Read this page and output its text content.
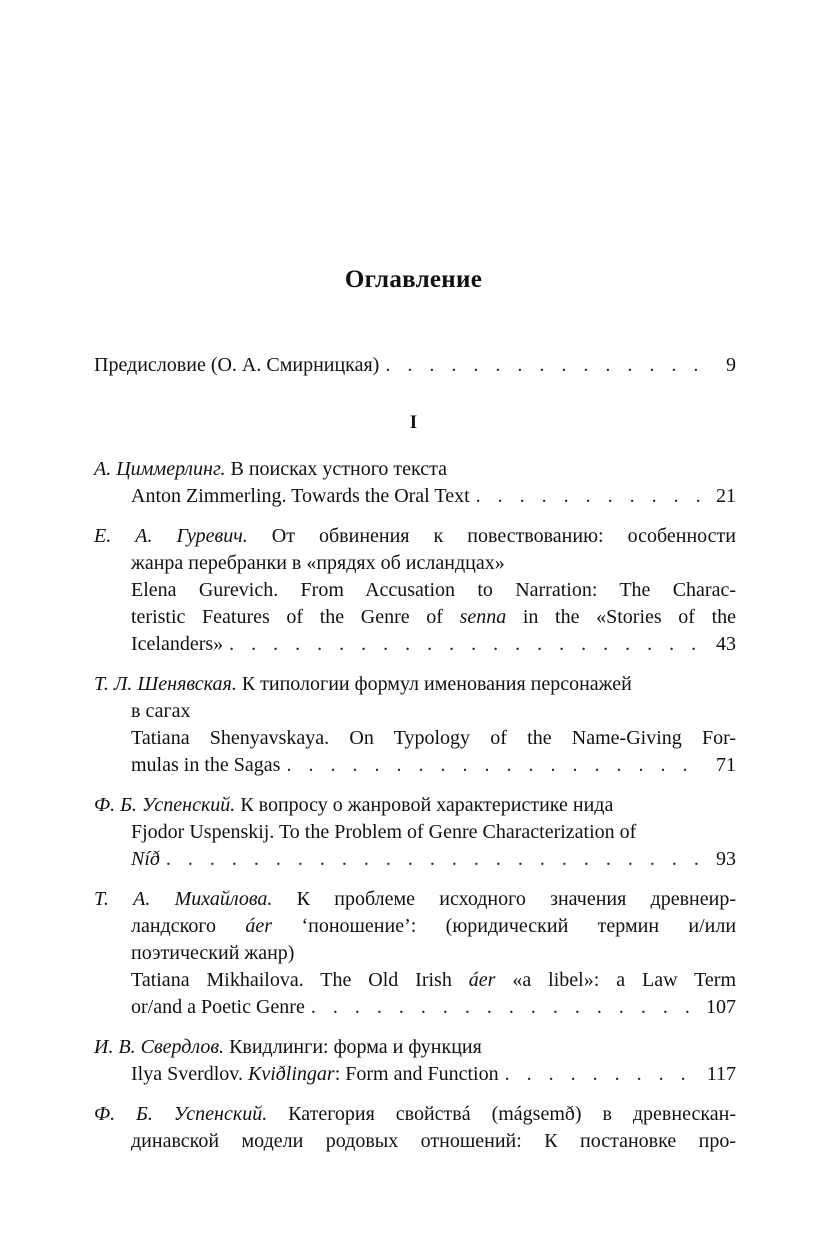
Оглавление
Предисловие (О. А. Смирницкая) . . .	9
I
А. Циммерлинг. В поисках устного текста
Anton Zimmerling. Towards the Oral Text . . .	21
Е. А. Гуревич. От обвинения к повествованию: особенности
жанра перебранки в «прядях об исландцах»
Elena Gurevich. From Accusation to Narration: The Charac-
teristic Features of the Genre of senna in the «Stories of the
Icelanders» . . .	43
Т. Л. Шенявская. К типологии формул именования персонажей
в сагах
Tatiana Shenyavskaya. On Typology of the Name-Giving For-
mulas in the Sagas . . .	71
Ф. Б. Успенский. К вопросу о жанровой характеристике нида
Fjodor Uspenskij. To the Problem of Genre Charactеrization of
Níð . . .	93
Т. А. Михайлова. К проблеме исходного значения древнеир-
ландского áer ‘поношение’: (юридический термин и/или
поэтический жанр)
Tatiana Mikhailova. The Old Irish áer «a libel»: a Law Term
or/and a Poetic Genre . . .	107
И. В. Свердлов. Квидлинги: форма и функция
Ilya Sverdlov. Kviðlingar: Form and Function . . .	117
Ф. Б. Успенский. Категория свойствá (mágsemð) в древнескан-
динавской модели родовых отношений: К постановке про-
